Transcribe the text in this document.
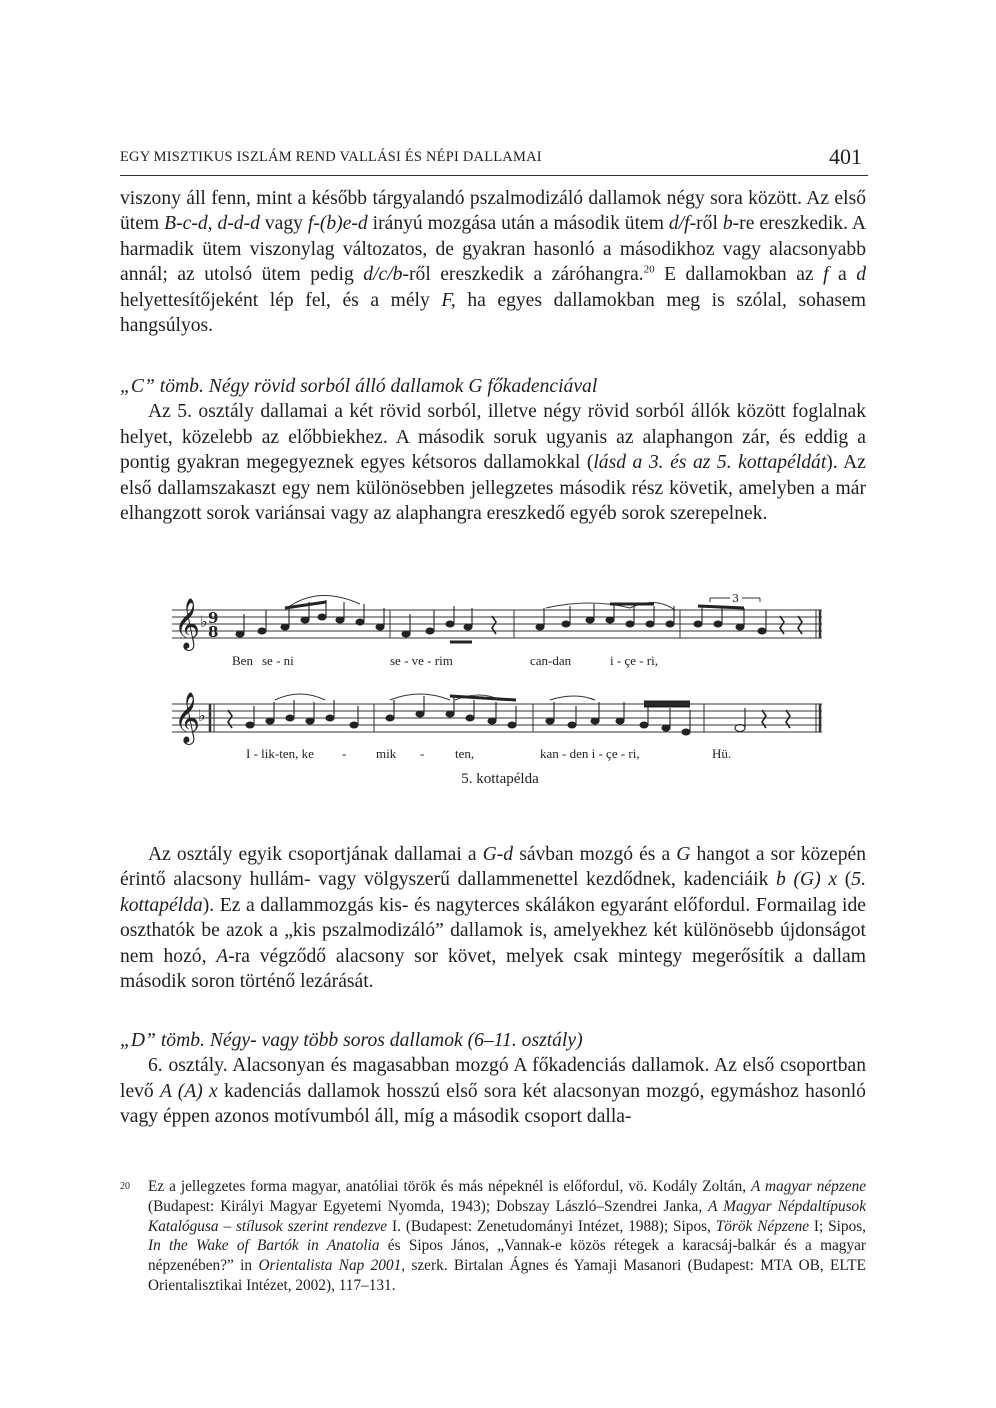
EGY MISZTIKUS ISZLÁM REND VALLÁSI ÉS NÉPI DALLAMAI	401

viszony áll fenn, mint a később tárgyalandó pszalmodizáló dallamok négy sora között. Az első ütem B-c-d, d-d-d vagy f-(b)e-d irányú mozgása után a második ütem d/f-ről b-re ereszkedik. A harmadik ütem viszonylag változatos, de gyakran hasonló a másodikhoz vagy alacsonyabb annál; az utolsó ütem pedig d/c/b-ről ereszkedik a záróhangra.$^{20}$ E dallamokban az f a d helyettesítőjeként lép fel, és a mély F, ha egyes dallamokban meg is szólal, sohasem hangsúlyos.

„C” tömb. Négy rövid sorból álló dallamok G főkadenciával

Az 5. osztály dallamai a két rövid sorból, illetve négy rövid sorból állók között foglalnak helyet, közelebb az előbbiekhez. A második soruk ugyanis az alaphangon zár, és eddig a pontig gyakran megegyeznek egyes kétsoros dallamokkal (lásd a 3. és az 5. kottapéldát). Az első dallamszakaszt egy nem különösebben jellegzetes második rész követik, amelyben a már elhangzott sorok variánsai vagy az alaphangra ereszkedő egyéb sorok szerepelnek.

𝄞
𝄞
♭
♭
9
8
3
Ben se - ni	se - ve - rim	can-dan	i - çe - ri,
I - lik-ten, ke - mik - ten,	kan - den i - çe - ri,	Hü.
5. kottapélda

Az osztály egyik csoportjának dallamai a G-d sávban mozgó és a G hangot a sor közepén érintő alacsony hullám- vagy völgyszerű dallammenettel kezdődnek, kadenciáik b (G) x (5. kottapélda). Ez a dallammozgás kis- és nagyterces skálákon egyaránt előfordul. Formailag ide oszthatók be azok a „kis pszalmodizáló” dallamok is, amelyekhez két különösebb újdonságot nem hozó, A-ra végződő alacsony sor követ, melyek csak mintegy megerősítik a dallam második soron történő lezárását.

„D” tömb. Négy- vagy több soros dallamok (6–11. osztály)

6. osztály. Alacsonyan és magasabban mozgó A főkadenciás dallamok. Az első csoportban levő A (A) x kadenciás dallamok hosszú első sora két alacsonyan mozgó, egymáshoz hasonló vagy éppen azonos motívumból áll, míg a második csoport dalla-

20 Ez a jellegzetes forma magyar, anatóliai török és más népeknél is előfordul, vö. Kodály Zoltán, A magyar népzene (Budapest: Királyi Magyar Egyetemi Nyomda, 1943); Dobszay László–Szendrei Janka, A Magyar Népdaltípusok Katalógusa – stílusok szerint rendezve I. (Budapest: Zenetudományi Intézet, 1988); Sipos, Török Népzene I; Sipos, In the Wake of Bartók in Anatolia és Sipos János, „Vannak-e közös rétegek a karacsáj-balkár és a magyar népzenében?” in Orientalista Nap 2001, szerk. Birtalan Ágnes és Yamaji Masanori (Budapest: MTA OB, ELTE Orientalisztikai Intézet, 2002), 117–131.
